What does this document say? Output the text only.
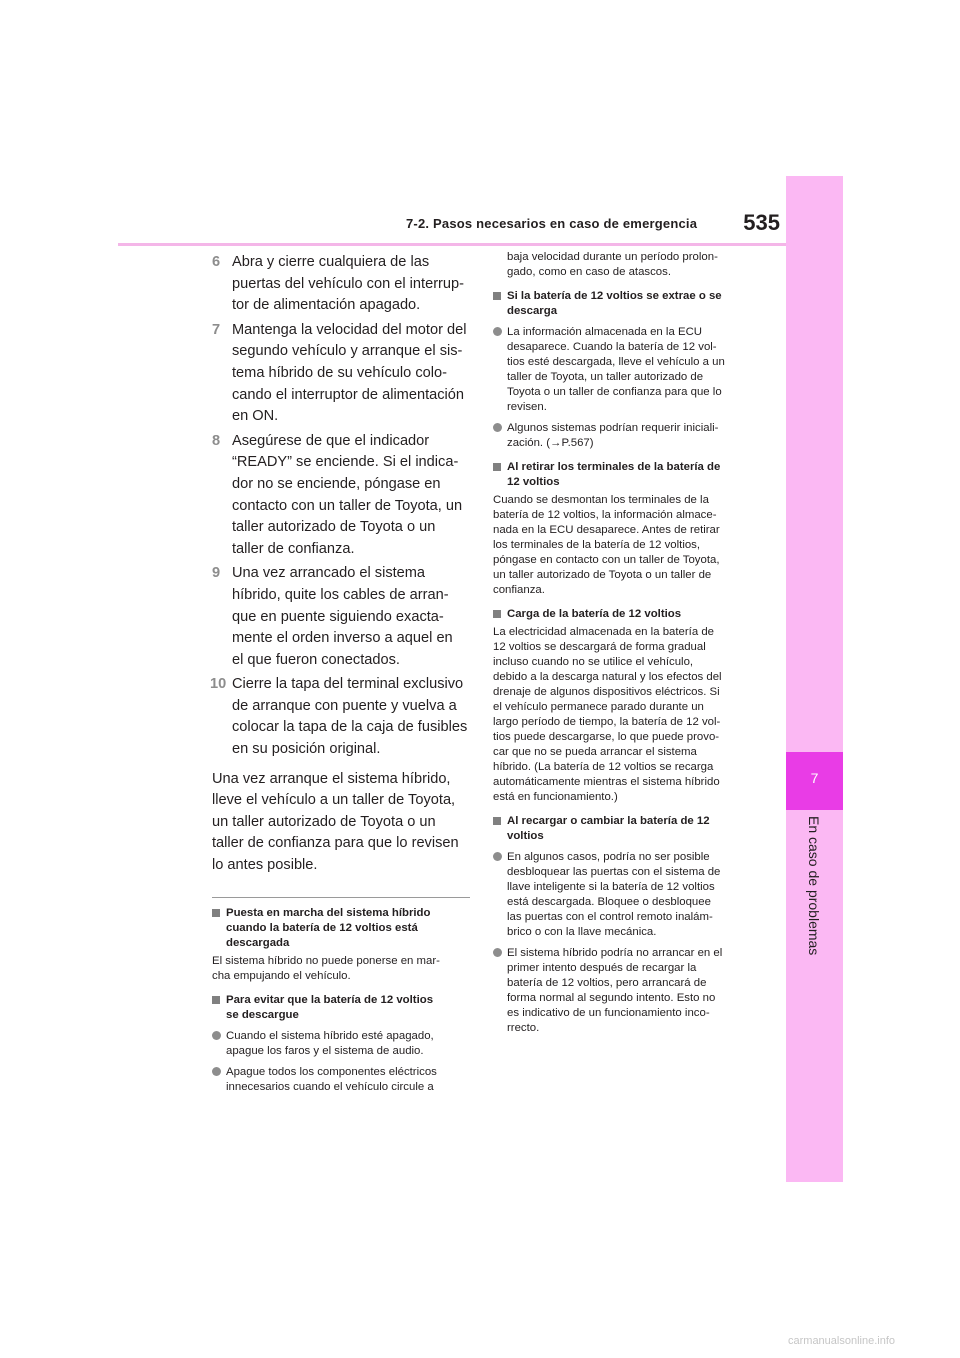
7
En caso de problemas
7-2. Pasos necesarios en caso de emergencia	535
6 Abra y cierre cualquiera de las
puertas del vehículo con el interrup-
tor de alimentación apagado.
7 Mantenga la velocidad del motor del
segundo vehículo y arranque el sis-
tema híbrido de su vehículo colo-
cando el interruptor de alimentación
en ON.
8 Asegúrese de que el indicador
“READY” se enciende. Si el indica-
dor no se enciende, póngase en
contacto con un taller de Toyota, un
taller autorizado de Toyota o un
taller de confianza.
9 Una vez arrancado el sistema
híbrido, quite los cables de arran-
que en puente siguiendo exacta-
mente el orden inverso a aquel en
el que fueron conectados.
10 Cierre la tapa del terminal exclusivo
de arranque con puente y vuelva a
colocar la tapa de la caja de fusibles
en su posición original.
Una vez arranque el sistema híbrido,
lleve el vehículo a un taller de Toyota,
un taller autorizado de Toyota o un
taller de confianza para que lo revisen
lo antes posible.
Puesta en marcha del sistema híbrido
cuando la batería de 12 voltios está
descargada
El sistema híbrido no puede ponerse en mar-
cha empujando el vehículo.
Para evitar que la batería de 12 voltios
se descargue
Cuando el sistema híbrido esté apagado,
apague los faros y el sistema de audio.
Apague todos los componentes eléctricos
innecesarios cuando el vehículo circule a
baja velocidad durante un período prolon-
gado, como en caso de atascos.
Si la batería de 12 voltios se extrae o se
descarga
La información almacenada en la ECU
desaparece. Cuando la batería de 12 vol-
tios esté descargada, lleve el vehículo a un
taller de Toyota, un taller autorizado de
Toyota o un taller de confianza para que lo
revisen.
Algunos sistemas podrían requerir iniciali-
zación. (→P.567)
Al retirar los terminales de la batería de
12 voltios
Cuando se desmontan los terminales de la
batería de 12 voltios, la información almace-
nada en la ECU desaparece. Antes de retirar
los terminales de la batería de 12 voltios,
póngase en contacto con un taller de Toyota,
un taller autorizado de Toyota o un taller de
confianza.
Carga de la batería de 12 voltios
La electricidad almacenada en la batería de
12 voltios se descargará de forma gradual
incluso cuando no se utilice el vehículo,
debido a la descarga natural y los efectos del
drenaje de algunos dispositivos eléctricos. Si
el vehículo permanece parado durante un
largo período de tiempo, la batería de 12 vol-
tios puede descargarse, lo que puede provo-
car que no se pueda arrancar el sistema
híbrido. (La batería de 12 voltios se recarga
automáticamente mientras el sistema híbrido
está en funcionamiento.)
Al recargar o cambiar la batería de 12
voltios
En algunos casos, podría no ser posible
desbloquear las puertas con el sistema de
llave inteligente si la batería de 12 voltios
está descargada. Bloquee o desbloquee
las puertas con el control remoto inalám-
brico o con la llave mecánica.
El sistema híbrido podría no arrancar en el
primer intento después de recargar la
batería de 12 voltios, pero arrancará de
forma normal al segundo intento. Esto no
es indicativo de un funcionamiento inco-
rrecto.
carmanualsonline.info
